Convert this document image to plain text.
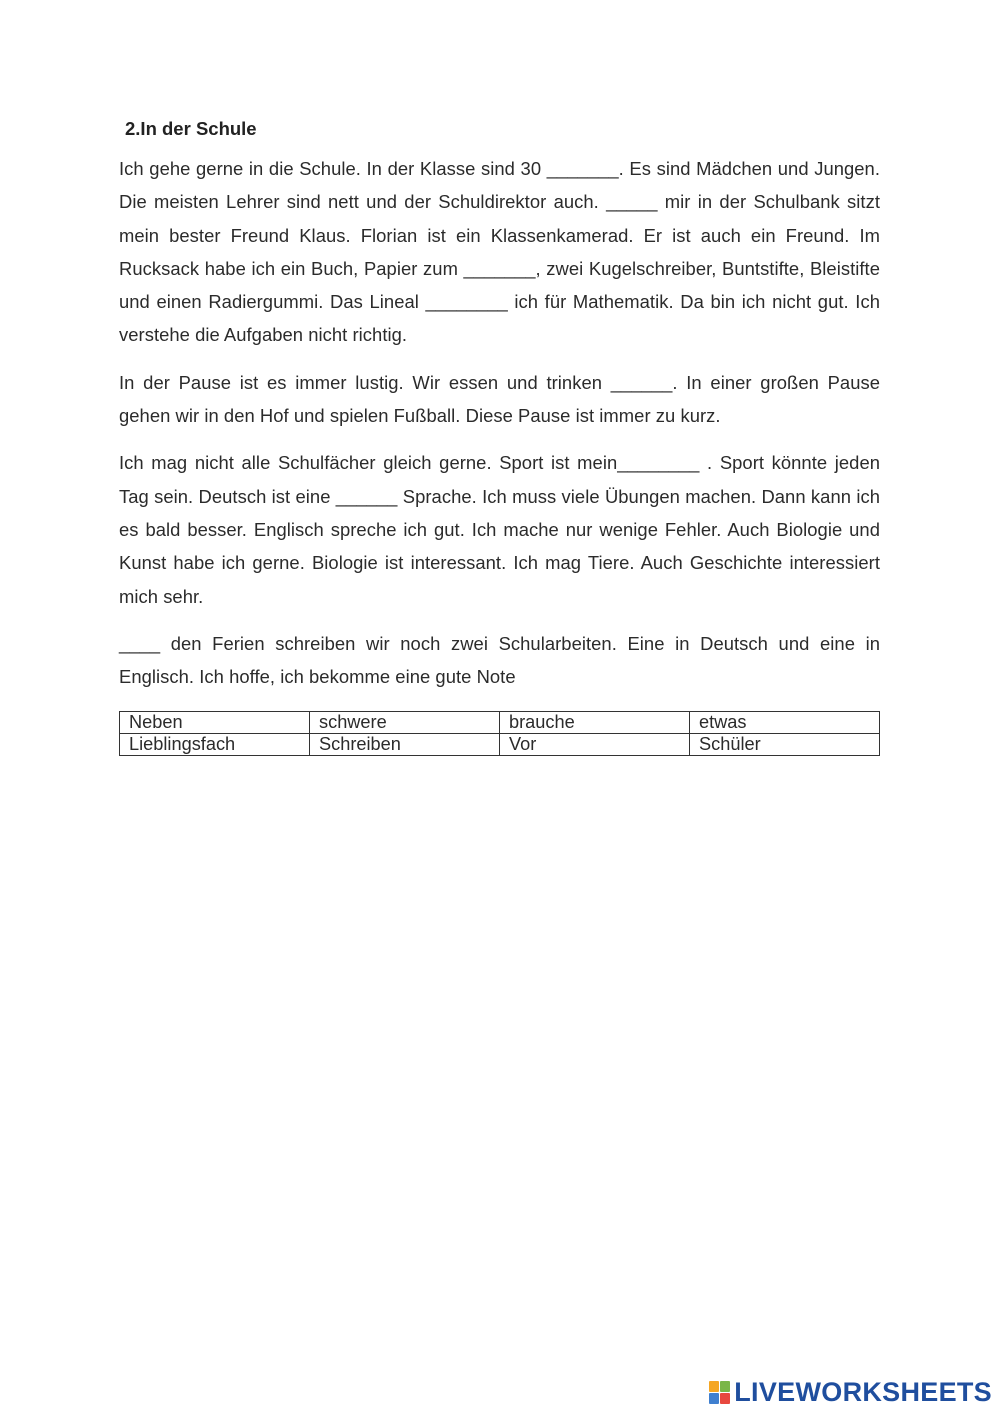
2.In der Schule

Ich gehe gerne in die Schule. In der Klasse sind 30 _______. Es sind Mädchen und Jungen. Die meisten Lehrer sind nett und der Schuldirektor auch. _____ mir in der Schulbank sitzt mein bester Freund Klaus. Florian ist ein Klassenkamerad. Er ist auch ein Freund. Im Rucksack habe ich ein Buch, Papier zum _______, zwei Kugelschreiber, Buntstifte, Bleistifte und einen Radiergummi. Das Lineal ________ ich für Mathematik. Da bin ich nicht gut. Ich verstehe die Aufgaben nicht richtig.

In der Pause ist es immer lustig. Wir essen und trinken ______. In einer großen Pause gehen wir in den Hof und spielen Fußball. Diese Pause ist immer zu kurz.

Ich mag nicht alle Schulfächer gleich gerne. Sport ist mein________ . Sport könnte jeden Tag sein. Deutsch ist eine ______ Sprache. Ich muss viele Übungen machen. Dann kann ich es bald besser. Englisch spreche ich gut. Ich mache nur wenige Fehler. Auch Biologie und Kunst habe ich gerne. Biologie ist interessant. Ich mag Tiere. Auch Geschichte interessiert mich sehr.

____ den Ferien schreiben wir noch zwei Schularbeiten. Eine in Deutsch und eine in Englisch. Ich hoffe, ich bekomme eine gute Note

Neben	schwere	brauche	etwas
Lieblingsfach	Schreiben	Vor	Schüler
LIVEWORKSHEETS
